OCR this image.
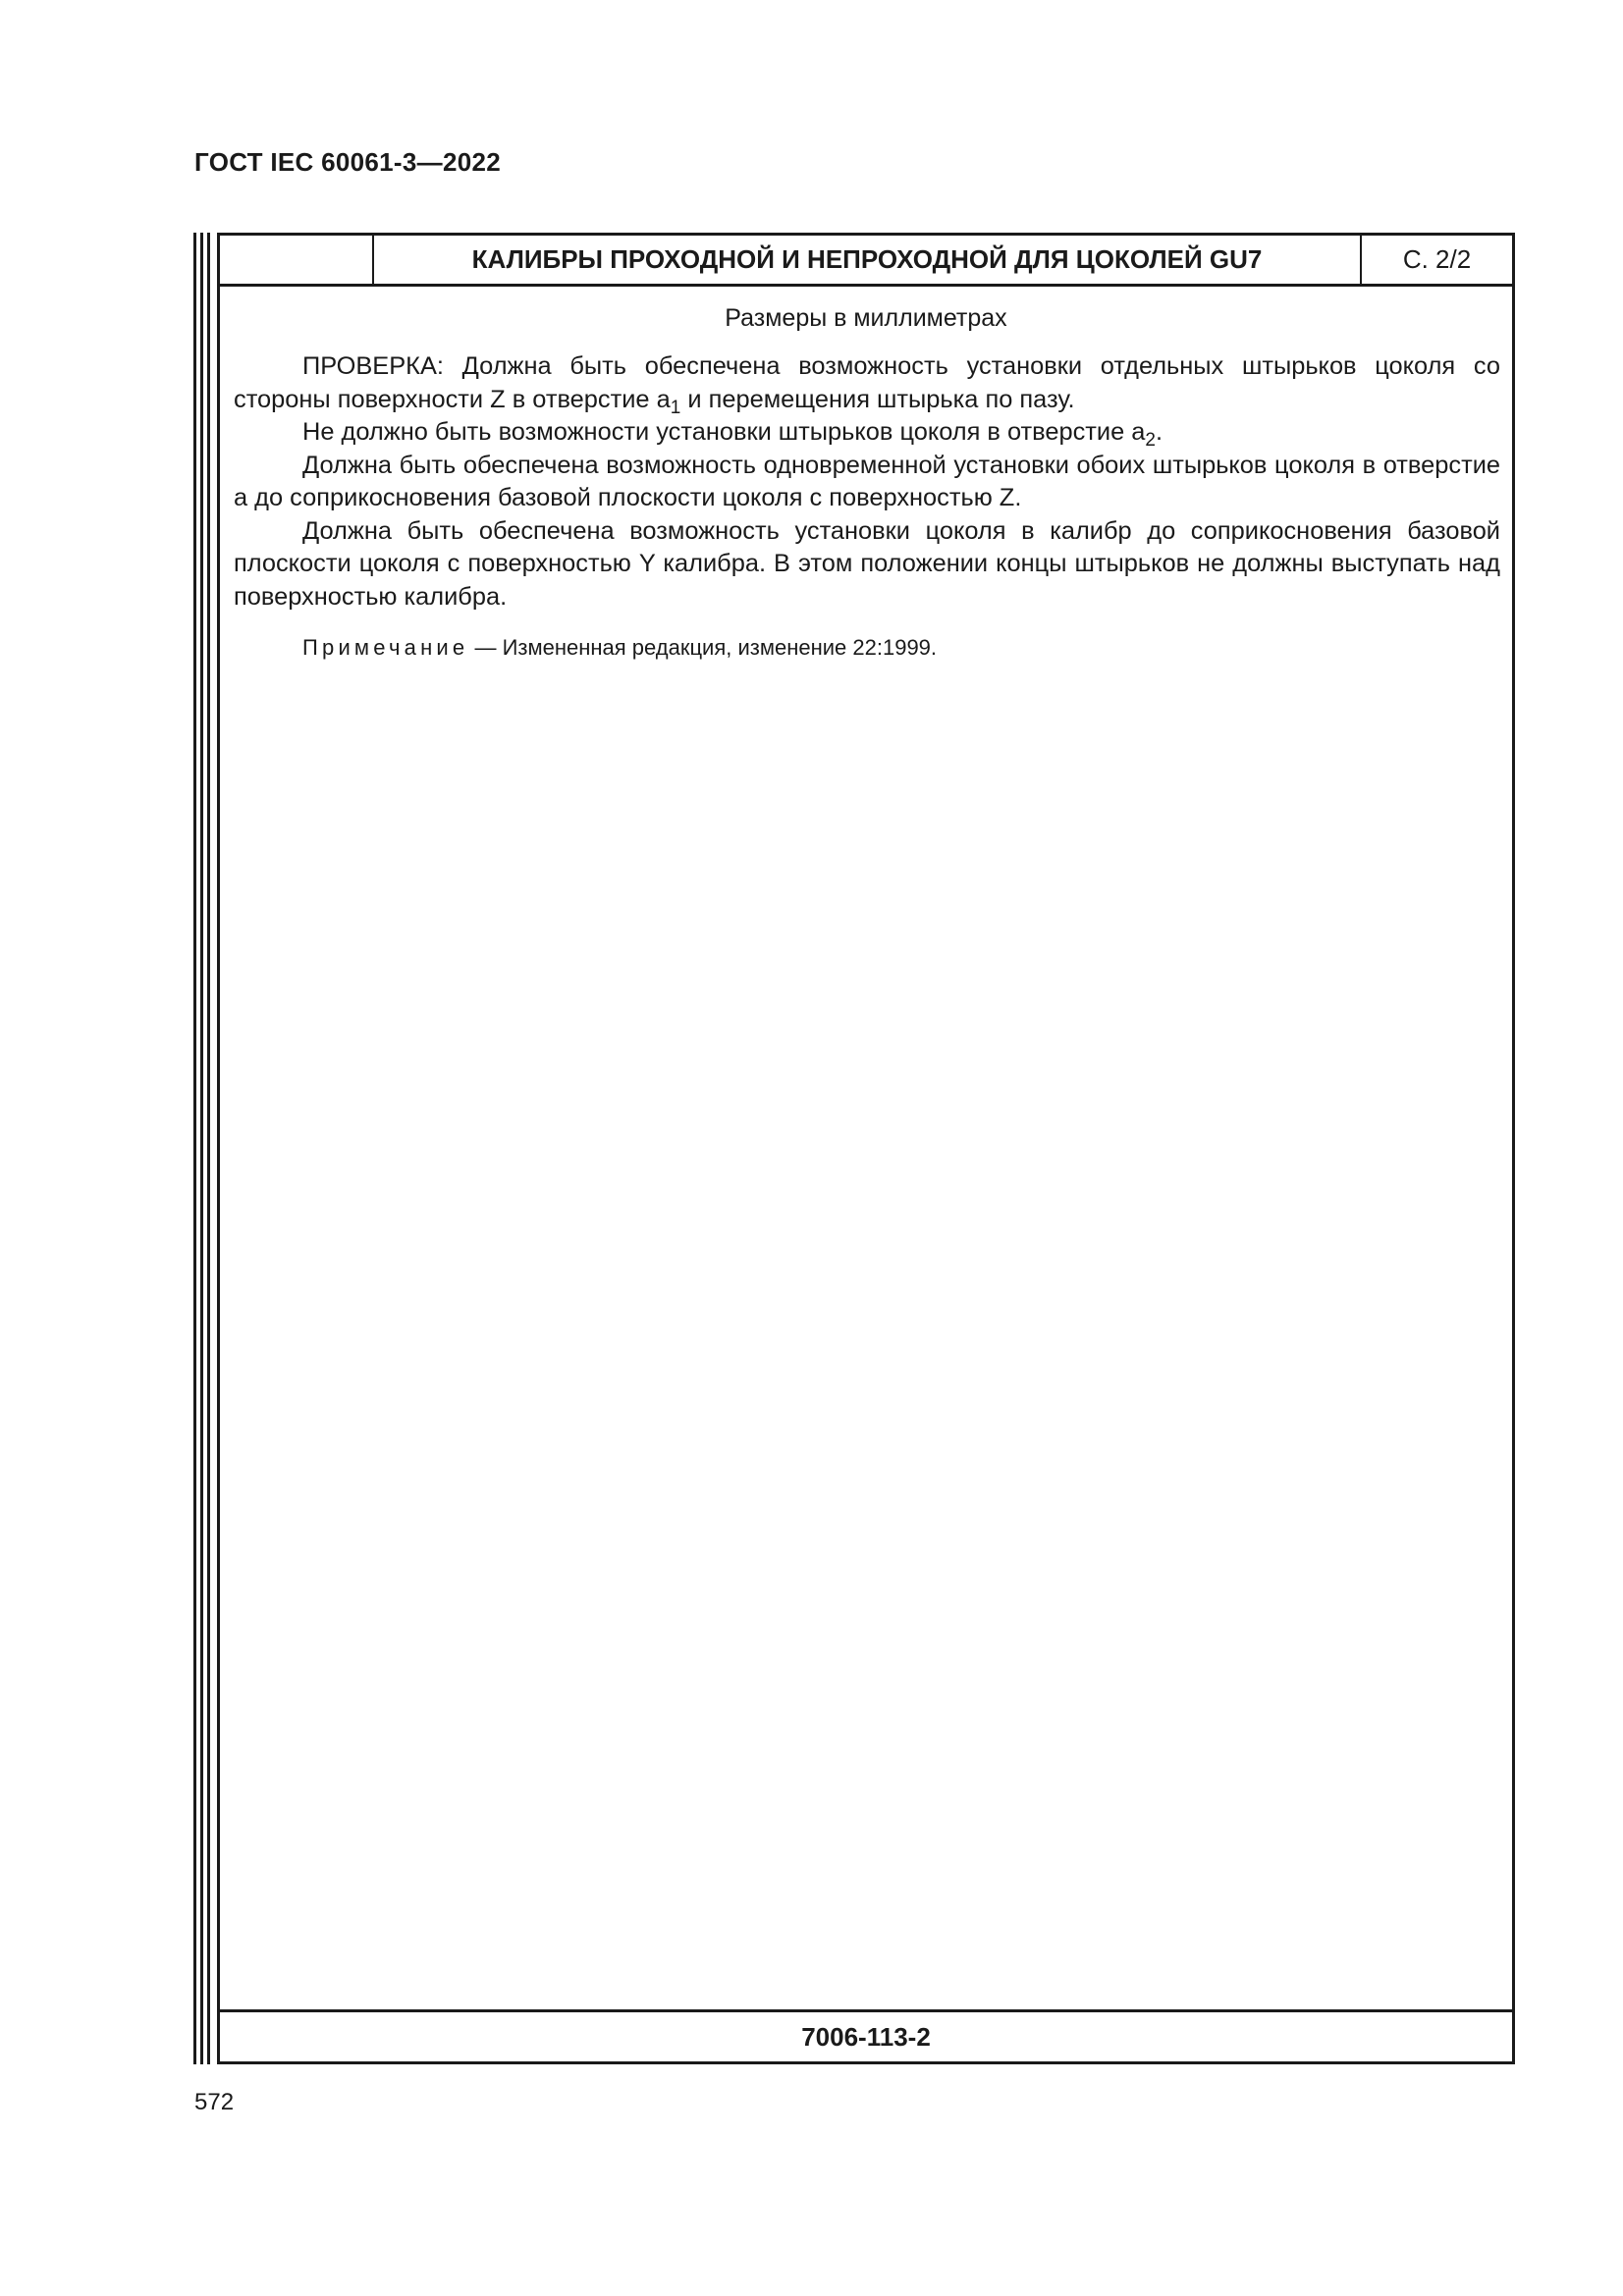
ГОСТ IEC 60061-3—2022
КАЛИБРЫ ПРОХОДНОЙ И НЕПРОХОДНОЙ ДЛЯ ЦОКОЛЕЙ GU7	С. 2/2
Размеры в миллиметрах

ПРОВЕРКА: Должна быть обеспечена возможность установки отдельных штырьков цоколя со стороны поверхности Z в отверстие $a_1$ и перемещения штырька по пазу.

Не должно быть возможности установки штырьков цоколя в отверстие $a_2$.

Должна быть обеспечена возможность одновременной установки обоих штырьков цоколя в отверстие a до соприкосновения базовой плоскости цоколя с поверхностью Z.

Должна быть обеспечена возможность установки цоколя в калибр до соприкосновения базовой плоскости цоколя с поверхностью Y калибра. В этом положении концы штырьков не должны выступать над поверхностью калибра.

Примечание — Измененная редакция, изменение 22:1999.
7006-113-2
572
